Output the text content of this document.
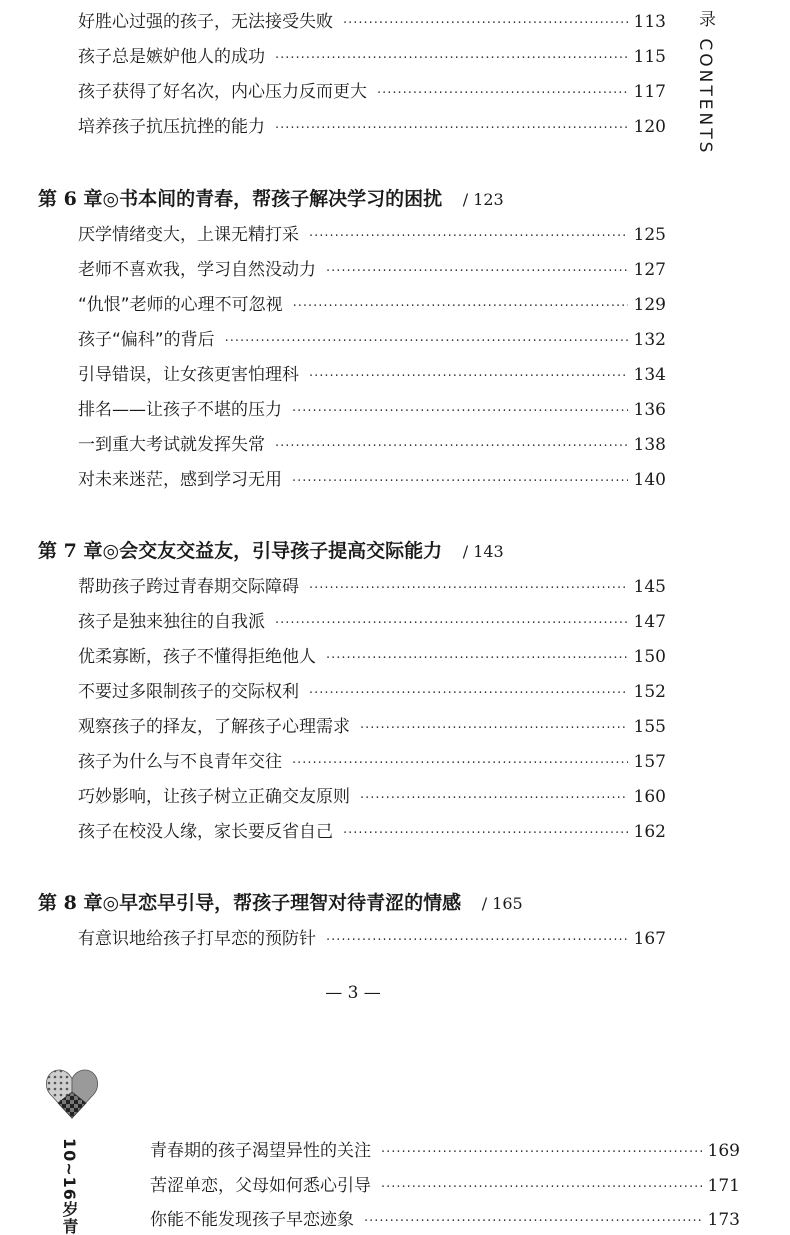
录 CONTENTS
好胜心过强的孩子，无法接受失败 ·····	113
孩子总是嫉妒他人的成功 ·····	115
孩子获得了好名次，内心压力反而更大 ·····	117
培养孩子抗压抗挫的能力 ·····	120
第 6 章◎书本间的青春，帮孩子解决学习的困扰 / 123
厌学情绪变大，上课无精打采 ·····	125
老师不喜欢我，学习自然没动力 ·····	127
“仇恨”老师的心理不可忽视 ·····	129
孩子“偏科”的背后 ·····	132
引导错误，让女孩更害怕理科 ·····	134
排名——让孩子不堪的压力 ·····	136
一到重大考试就发挥失常 ·····	138
对未来迷茫，感到学习无用 ·····	140
第 7 章◎会交友交益友，引导孩子提高交际能力 / 143
帮助孩子跨过青春期交际障碍 ·····	145
孩子是独来独往的自我派 ·····	147
优柔寡断，孩子不懂得拒绝他人 ·····	150
不要过多限制孩子的交际权利 ·····	152
观察孩子的择友，了解孩子心理需求 ·····	155
孩子为什么与不良青年交往 ·····	157
巧妙影响，让孩子树立正确交友原则 ·····	160
孩子在校没人缘，家长要反省自己 ·····	162
第 8 章◎早恋早引导，帮孩子理智对待青涩的情感 / 165
有意识地给孩子打早恋的预防针 ·····	167
— 3 —
10~16岁青	青春期的孩子渴望异性的关注 ·····	169
苦涩单恋，父母如何悉心引导 ·····	171
你能不能发现孩子早恋迹象 ·····	173
